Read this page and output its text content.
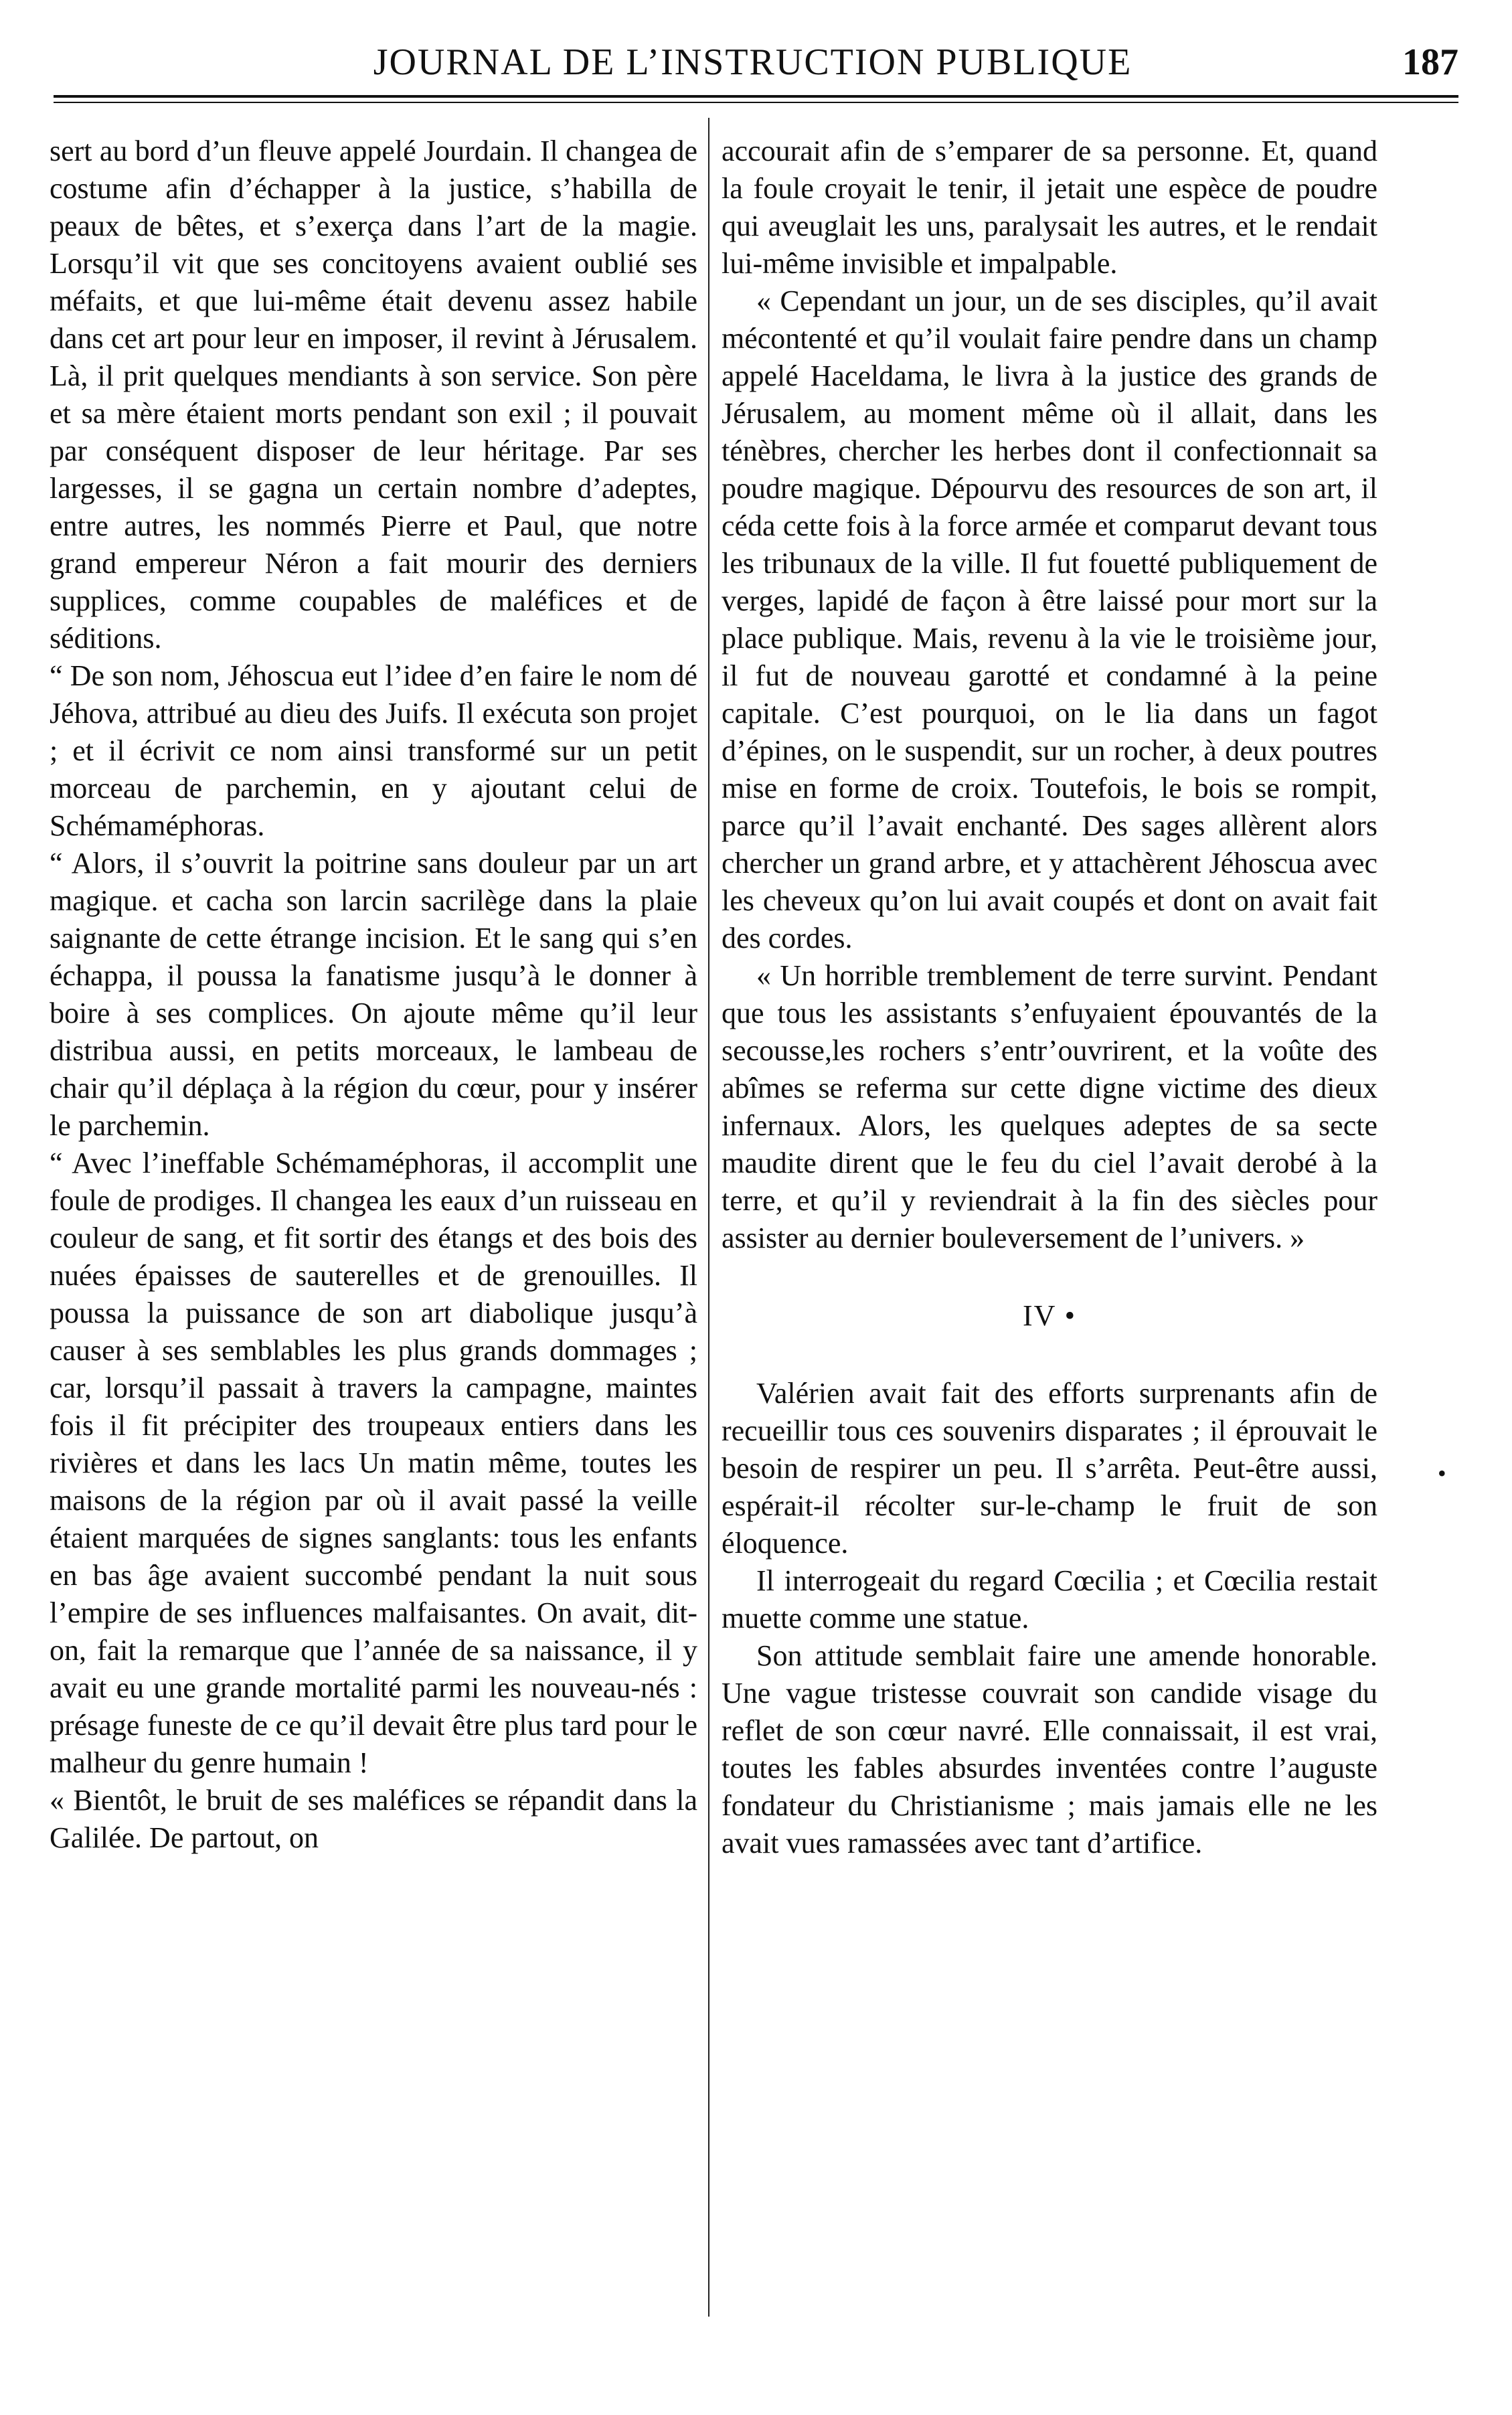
JOURNAL DE L’INSTRUCTION PUBLIQUE	187

sert au bord d’un fleuve appelé Jourdain. Il changea de costume afin d’échapper à la justice, s’habilla de peaux de bêtes, et s’exerça dans l’art de la magie. Lorsqu’il vit que ses concitoyens avaient oublié ses méfaits, et que lui-même était devenu assez habile dans cet art pour leur en imposer, il revint à Jérusalem. Là, il prit quelques mendiants à son service. Son père et sa mère étaient morts pendant son exil ; il pouvait par conséquent disposer de leur héritage. Par ses largesses, il se gagna un certain nombre d’adeptes, entre autres, les nommés Pierre et Paul, que notre grand empereur Néron a fait mourir des derniers supplices, comme coupables de maléfices et de séditions.

“ De son nom, Jéhoscua eut l’idee d’en faire le nom dé Jéhova, attribué au dieu des Juifs. Il exécuta son projet ; et il écrivit ce nom ainsi transformé sur un petit morceau de parchemin, en y ajoutant celui de Schémaméphoras.

“ Alors, il s’ouvrit la poitrine sans douleur par un art magique. et cacha son larcin sacrilège dans la plaie saignante de cette étrange incision. Et le sang qui s’en échappa, il poussa la fanatisme jusqu’à le donner à boire à ses complices. On ajoute même qu’il leur distribua aussi, en petits morceaux, le lambeau de chair qu’il déplaça à la région du cœur, pour y insérer le parchemin.

“ Avec l’ineffable Schémaméphoras, il accomplit une foule de prodiges. Il changea les eaux d’un ruisseau en couleur de sang, et fit sortir des étangs et des bois des nuées épaisses de sauterelles et de grenouilles. Il poussa la puissance de son art diabolique jusqu’à causer à ses semblables les plus grands dommages ; car, lorsqu’il passait à travers la campagne, maintes fois il fit précipiter des troupeaux entiers dans les rivières et dans les lacs Un matin même, toutes les maisons de la région par où il avait passé la veille étaient marquées de signes sanglants: tous les enfants en bas âge avaient succombé pendant la nuit sous l’empire de ses influences malfaisantes. On avait, dit-on, fait la remarque que l’année de sa naissance, il y avait eu une grande mortalité parmi les nouveau-nés : présage funeste de ce qu’il devait être plus tard pour le malheur du genre humain !

« Bientôt, le bruit de ses maléfices se répandit dans la Galilée. De partout, on

accourait afin de s’emparer de sa personne. Et, quand la foule croyait le tenir, il jetait une espèce de poudre qui aveuglait les uns, paralysait les autres, et le rendait lui-même invisible et impalpable.

« Cependant un jour, un de ses disciples, qu’il avait mécontenté et qu’il voulait faire pendre dans un champ appelé Haceldama, le livra à la justice des grands de Jérusalem, au moment même où il allait, dans les ténèbres, chercher les herbes dont il confectionnait sa poudre magique. Dépourvu des resources de son art, il céda cette fois à la force armée et comparut devant tous les tribunaux de la ville. Il fut fouetté publiquement de verges, lapidé de façon à être laissé pour mort sur la place publique. Mais, revenu à la vie le troisième jour, il fut de nouveau garotté et condamné à la peine capitale. C’est pourquoi, on le lia dans un fagot d’épines, on le suspendit, sur un rocher, à deux poutres mise en forme de croix. Toutefois, le bois se rompit, parce qu’il l’avait enchanté. Des sages allèrent alors chercher un grand arbre, et y attachèrent Jéhoscua avec les cheveux qu’on lui avait coupés et dont on avait fait des cordes.

« Un horrible tremblement de terre survint. Pendant que tous les assistants s’enfuyaient épouvantés de la secousse,les rochers s’entr’ouvrirent, et la voûte des abîmes se referma sur cette digne victime des dieux infernaux. Alors, les quelques adeptes de sa secte maudite dirent que le feu du ciel l’avait derobé à la terre, et qu’il y reviendrait à la fin des siècles pour assister au dernier bouleversement de l’univers. »

IV •

Valérien avait fait des efforts surprenants afin de recueillir tous ces souvenirs disparates ; il éprouvait le besoin de respirer un peu. Il s’arrêta. Peut-être aussi, espérait-il récolter sur-le-champ le fruit de son éloquence.

Il interrogeait du regard Cœcilia ; et Cœcilia restait muette comme une statue.

Son attitude semblait faire une amende honorable. Une vague tristesse couvrait son candide visage du reflet de son cœur navré. Elle connaissait, il est vrai, toutes les fables absurdes inventées contre l’auguste fondateur du Christianisme ; mais jamais elle ne les avait vues ramassées avec tant d’artifice.

•
